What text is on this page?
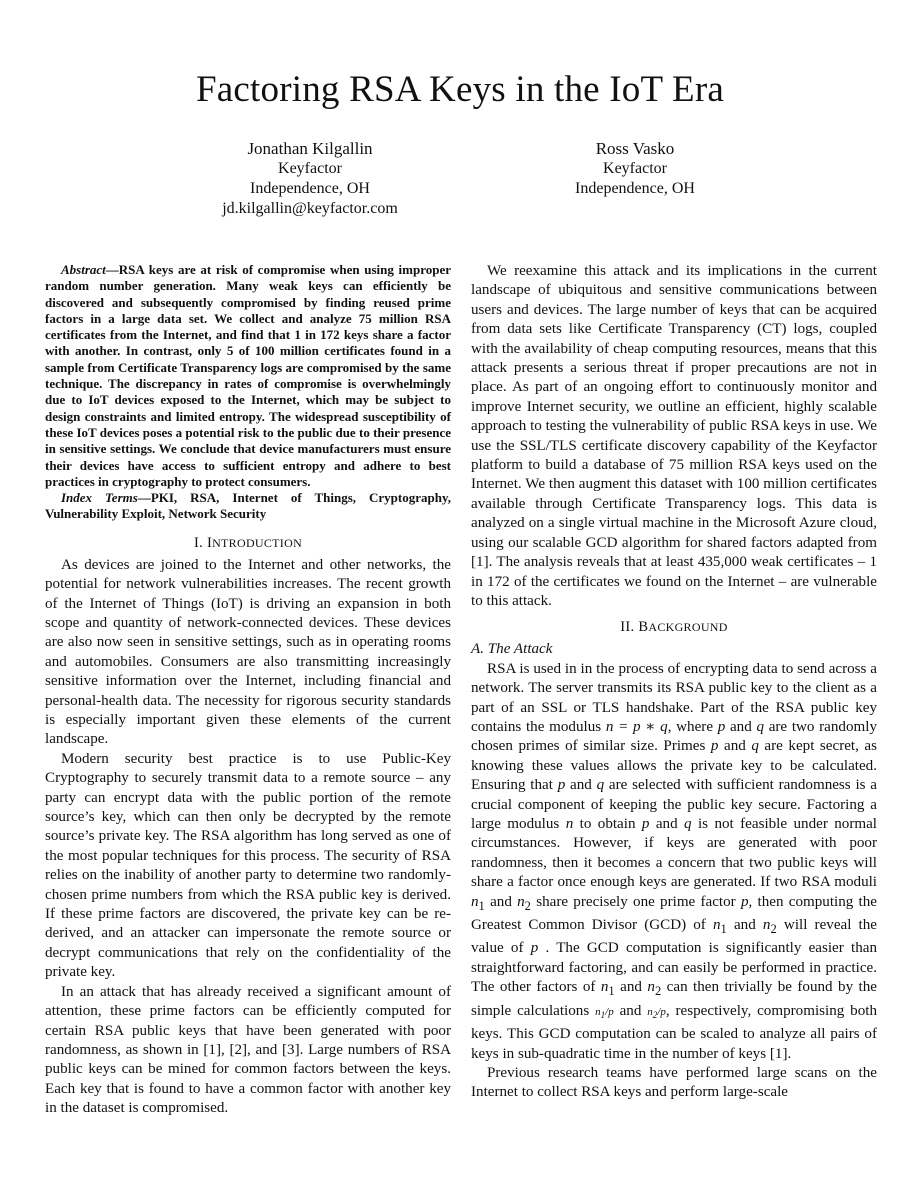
Factoring RSA Keys in the IoT Era
Jonathan Kilgallin
Keyfactor
Independence, OH
jd.kilgallin@keyfactor.com
Ross Vasko
Keyfactor
Independence, OH

Abstract—RSA keys are at risk of compromise when using improper random number generation. Many weak keys can efficiently be discovered and subsequently compromised by finding reused prime factors in a large data set. We collect and analyze 75 million RSA certificates from the Internet, and find that 1 in 172 keys share a factor with another. In contrast, only 5 of 100 million certificates found in a sample from Certificate Transparency logs are compromised by the same technique. The discrepancy in rates of compromise is overwhelmingly due to IoT devices exposed to the Internet, which may be subject to design constraints and limited entropy. The widespread susceptibility of these IoT devices poses a potential risk to the public due to their presence in sensitive settings. We conclude that device manufacturers must ensure their devices have access to sufficient entropy and adhere to best practices in cryptography to protect consumers.

Index Terms—PKI, RSA, Internet of Things, Cryptography, Vulnerability Exploit, Network Security

I. INTRODUCTION

As devices are joined to the Internet and other networks, the potential for network vulnerabilities increases. The recent growth of the Internet of Things (IoT) is driving an expansion in both scope and quantity of network-connected devices. These devices are also now seen in sensitive settings, such as in operating rooms and automobiles. Consumers are also transmitting increasingly sensitive information over the Internet, including financial and personal-health data. The necessity for rigorous security standards is especially important given these elements of the current landscape.

Modern security best practice is to use Public-Key Cryptography to securely transmit data to a remote source – any party can encrypt data with the public portion of the remote source’s key, which can then only be decrypted by the remote source’s private key. The RSA algorithm has long served as one of the most popular techniques for this process. The security of RSA relies on the inability of another party to determine two randomly-chosen prime numbers from which the RSA public key is derived. If these prime factors are discovered, the private key can be re-derived, and an attacker can impersonate the remote source or decrypt communications that rely on the confidentiality of the private key.

In an attack that has already received a significant amount of attention, these prime factors can be efficiently computed for certain RSA public keys that have been generated with poor randomness, as shown in [1], [2], and [3]. Large numbers of RSA public keys can be mined for common factors between the keys. Each key that is found to have a common factor with another key in the dataset is compromised.

We reexamine this attack and its implications in the current landscape of ubiquitous and sensitive communications between users and devices. The large number of keys that can be acquired from data sets like Certificate Transparency (CT) logs, coupled with the availability of cheap computing resources, means that this attack presents a serious threat if proper precautions are not in place. As part of an ongoing effort to continuously monitor and improve Internet security, we outline an efficient, highly scalable approach to testing the vulnerability of public RSA keys in use. We use the SSL/TLS certificate discovery capability of the Keyfactor platform to build a database of 75 million RSA keys used on the Internet. We then augment this dataset with 100 million certificates available through Certificate Transparency logs. This data is analyzed on a single virtual machine in the Microsoft Azure cloud, using our scalable GCD algorithm for shared factors adapted from [1]. The analysis reveals that at least 435,000 weak certificates – 1 in 172 of the certificates we found on the Internet – are vulnerable to this attack.

II. BACKGROUND

A. The Attack

RSA is used in in the process of encrypting data to send across a network. The server transmits its RSA public key to the client as a part of an SSL or TLS handshake. Part of the RSA public key contains the modulus n = p ∗ q, where p and q are two randomly chosen primes of similar size. Primes p and q are kept secret, as knowing these values allows the private key to be calculated. Ensuring that p and q are selected with sufficient randomness is a crucial component of keeping the public key secure. Factoring a large modulus n to obtain p and q is not feasible under normal circumstances. However, if keys are generated with poor randomness, then it becomes a concern that two public keys will share a factor once enough keys are generated. If two RSA moduli $n_1$ and $n_2$ share precisely one prime factor p, then computing the Greatest Common Divisor (GCD) of $n_1$ and $n_2$ will reveal the value of p . The GCD computation is significantly easier than straightforward factoring, and can easily be performed in practice. The other factors of $n_1$ and $n_2$ can then trivially be found by the simple calculations $n_1/p$ and $n_2/p$, respectively, compromising both keys. This GCD computation can be scaled to analyze all pairs of keys in sub-quadratic time in the number of keys [1].

Previous research teams have performed large scans on the Internet to collect RSA keys and perform large-scale
